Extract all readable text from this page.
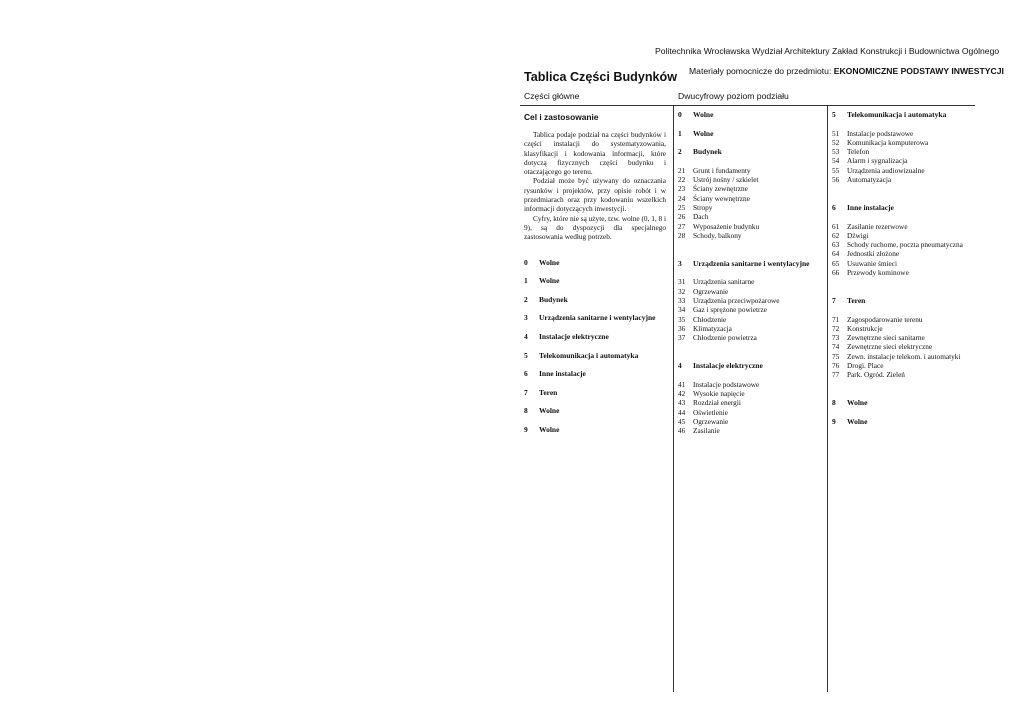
Politechnika Wrocławska Wydział Architektury Zakład Konstrukcji i Budownictwa Ogólnego
Materiały pomocnicze do przedmiotu: EKONOMICZNE PODSTAWY INWESTYCJI
Tablica Części Budynków
Części główne	Dwucyfrowy poziom podziału
Cel i zastosowanie

Tablica podaje podział na części budynków i części instalacji do systematyzowania, klasyfikacji i kodowania informacji, które dotyczą fizycznych części budynku i otaczającego go terenu.

Podział może być używany do oznaczania rysunków i projektów, przy opisie robót i w przedmiarach oraz przy kodowaniu wszelkich informacji dotyczących inwestycji.

Cyfry, które nie są użyte, tzw. wolne (0, 1, 8 i 9), są do dyspozycji dla specjalnego zastosowania według potrzeb.

0	Wolne
1	Wolne
2	Budynek
3	Urządzenia sanitarne i wentylacyjne
4	Instalacje elektryczne
5	Telekomunikacja i automatyka
6	Inne instalacje
7	Teren
8	Wolne
9	Wolne
0	Wolne
1	Wolne
2	Budynek
21	Grunt i fundamenty
22	Ustrój nośny / szkielet
23	Ściany zewnętrzne
24	Ściany wewnętrzne
25	Stropy
26	Dach
27	Wyposażenie budynku
28	Schody, balkony
3	Urządzenia sanitarne i wentylacyjne
31	Urządzenia sanitarne
32	Ogrzewanie
33	Urządzenia przeciwpożarowe
34	Gaz i sprężone powietrze
35	Chłodzenie
36	Klimatyzacja
37	Chłodzenie powietrza
4	Instalacje elektryczne
41	Instalacje podstawowe
42	Wysokie napięcie
43	Rozdział energii
44	Oświetlenie
45	Ogrzewanie
46	Zasilanie
5	Telekomunikacja i automatyka
51	Instalacje podstawowe
52	Komunikacja komputerowa
53	Telefon
54	Alarm i sygnalizacja
55	Urządzenia audiowizualne
56	Automatyzacja
6	Inne instalacje
61	Zasilanie rezerwowe
62	Dźwigi
63	Schody ruchome, poczta pneumatyczna
64	Jednostki złożone
65	Usuwanie śmieci
66	Przewody kominowe
7	Teren
71	Zagospodarowanie terenu
72	Konstrukcje
73	Zewnętrzne sieci sanitarne
74	Zewnętrzne sieci elektryczne
75	Zewn. instalacje telekom. i automatyki
76	Drogi. Place
77	Park. Ogród. Zieleń
8	Wolne
9	Wolne
